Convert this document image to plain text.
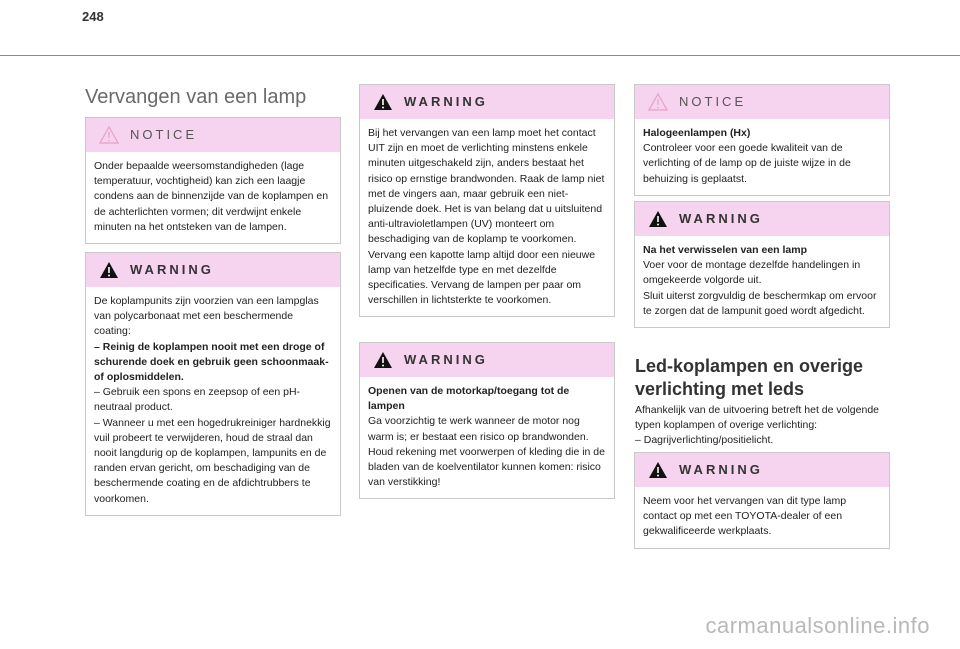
248
Vervangen van een lamp
NOTICE

Onder bepaalde weersomstandigheden (lage temperatuur, vochtigheid) kan zich een laagje condens aan de binnenzijde van de koplampen en de achterlichten vormen; dit verdwijnt enkele minuten na het ontsteken van de lampen.

WARNING

De koplampunits zijn voorzien van een lampglas van polycarbonaat met een beschermende coating:

– Reinig de koplampen nooit met een droge of schurende doek en gebruik geen schoonmaak- of oplosmiddelen.

– Gebruik een spons en zeepsop of een pH-neutraal product.

– Wanneer u met een hogedrukreiniger hardnekkig vuil probeert te verwijderen, houd de straal dan nooit langdurig op de koplampen, lampunits en de randen ervan gericht, om beschadiging van de beschermende coating en de afdichtrubbers te voorkomen.

WARNING

Bij het vervangen van een lamp moet het contact UIT zijn en moet de verlichting minstens enkele minuten uitgeschakeld zijn, anders bestaat het risico op ernstige brandwonden. Raak de lamp niet met de vingers aan, maar gebruik een niet-pluizende doek. Het is van belang dat u uitsluitend anti-ultravioletlampen (UV) monteert om beschadiging van de koplamp te voorkomen. Vervang een kapotte lamp altijd door een nieuwe lamp van hetzelfde type en met dezelfde specificaties. Vervang de lampen per paar om verschillen in lichtsterkte te voorkomen.

WARNING

Openen van de motorkap/toegang tot de lampen

Ga voorzichtig te werk wanneer de motor nog warm is; er bestaat een risico op brandwonden. Houd rekening met voorwerpen of kleding die in de bladen van de koelventilator kunnen komen: risico van verstikking!

NOTICE

Halogeenlampen (Hx)

Controleer voor een goede kwaliteit van de verlichting of de lamp op de juiste wijze in de behuizing is geplaatst.

WARNING

Na het verwisselen van een lamp

Voer voor de montage dezelfde handelingen in omgekeerde volgorde uit.

Sluit uiterst zorgvuldig de beschermkap om ervoor te zorgen dat de lampunit goed wordt afgedicht.

Led-koplampen en overige verlichting met leds

Afhankelijk van de uitvoering betreft het de volgende typen koplampen of overige verlichting:

– Dagrijverlichting/positielicht.

WARNING

Neem voor het vervangen van dit type lamp contact op met een TOYOTA-dealer of een gekwalificeerde werkplaats.

carmanualsonline.info
